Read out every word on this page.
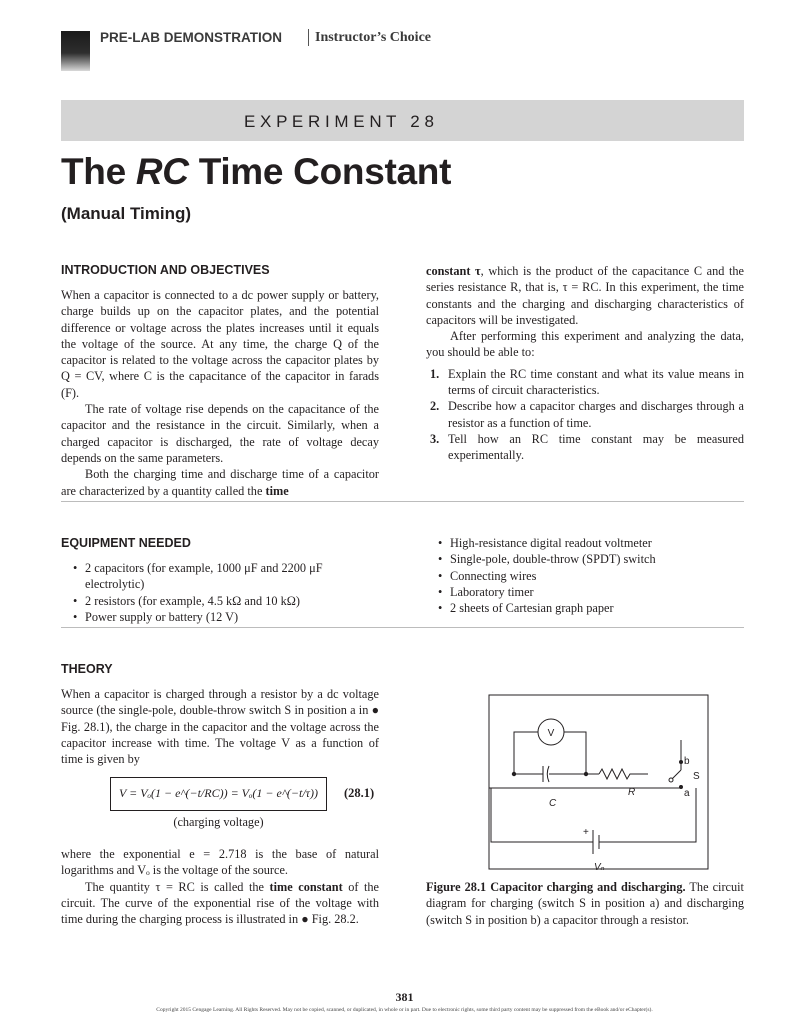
PRE-LAB DEMONSTRATION Instructor’s Choice
E X P E R I M E N T   2 8
The RC Time Constant
(Manual Timing)

INTRODUCTION AND OBJECTIVES

When a capacitor is connected to a dc power supply or battery, charge builds up on the capacitor plates, and the potential difference or voltage across the plates increases until it equals the voltage of the source. At any time, the charge Q of the capacitor is related to the voltage across the capacitor plates by Q = CV, where C is the capacitance of the capacitor in farads (F).

The rate of voltage rise depends on the capacitance of the capacitor and the resistance in the circuit. Similarly, when a charged capacitor is discharged, the rate of voltage decay depends on the same parameters.

Both the charging time and discharge time of a capacitor are characterized by a quantity called the time

constant τ, which is the product of the capacitance C and the series resistance R, that is, τ = RC. In this experiment, the time constants and the charging and discharging characteristics of capacitors will be investigated.

After performing this experiment and analyzing the data, you should be able to:

1. Explain the RC time constant and what its value means in terms of circuit characteristics.
2. Describe how a capacitor charges and discharges through a resistor as a function of time.
3. Tell how an RC time constant may be measured experimentally.

EQUIPMENT NEEDED

• 2 capacitors (for example, 1000 μF and 2200 μF electrolytic)
• 2 resistors (for example, 4.5 kΩ and 10 kΩ)
• Power supply or battery (12 V)
• High-resistance digital readout voltmeter
• Single-pole, double-throw (SPDT) switch
• Connecting wires
• Laboratory timer
• 2 sheets of Cartesian graph paper

THEORY

When a capacitor is charged through a resistor by a dc voltage source (the single-pole, double-throw switch S in position a in ● Fig. 28.1), the charge in the capacitor and the voltage across the capacitor increase with time. The voltage V as a function of time is given by

V = Vₒ(1 − e^(−t/RC)) = Vₒ(1 − e^(−t/τ))	(28.1)
(charging voltage)

where the exponential e = 2.718 is the base of natural logarithms and Vₒ is the voltage of the source.

The quantity τ = RC is called the time constant of the circuit. The curve of the exponential rise of the voltage with time during the charging process is illustrated in ● Fig. 28.2.

V
b
a
S
R
C
+
Vₒ

Figure 28.1 Capacitor charging and discharging. The circuit diagram for charging (switch S in position a) and discharging (switch S in position b) a capacitor through a resistor.

381
Copyright 2015 Cengage Learning. All Rights Reserved. May not be copied, scanned, or duplicated, in whole or in part. Due to electronic rights, some third party content may be suppressed from the eBook and/or eChapter(s).
